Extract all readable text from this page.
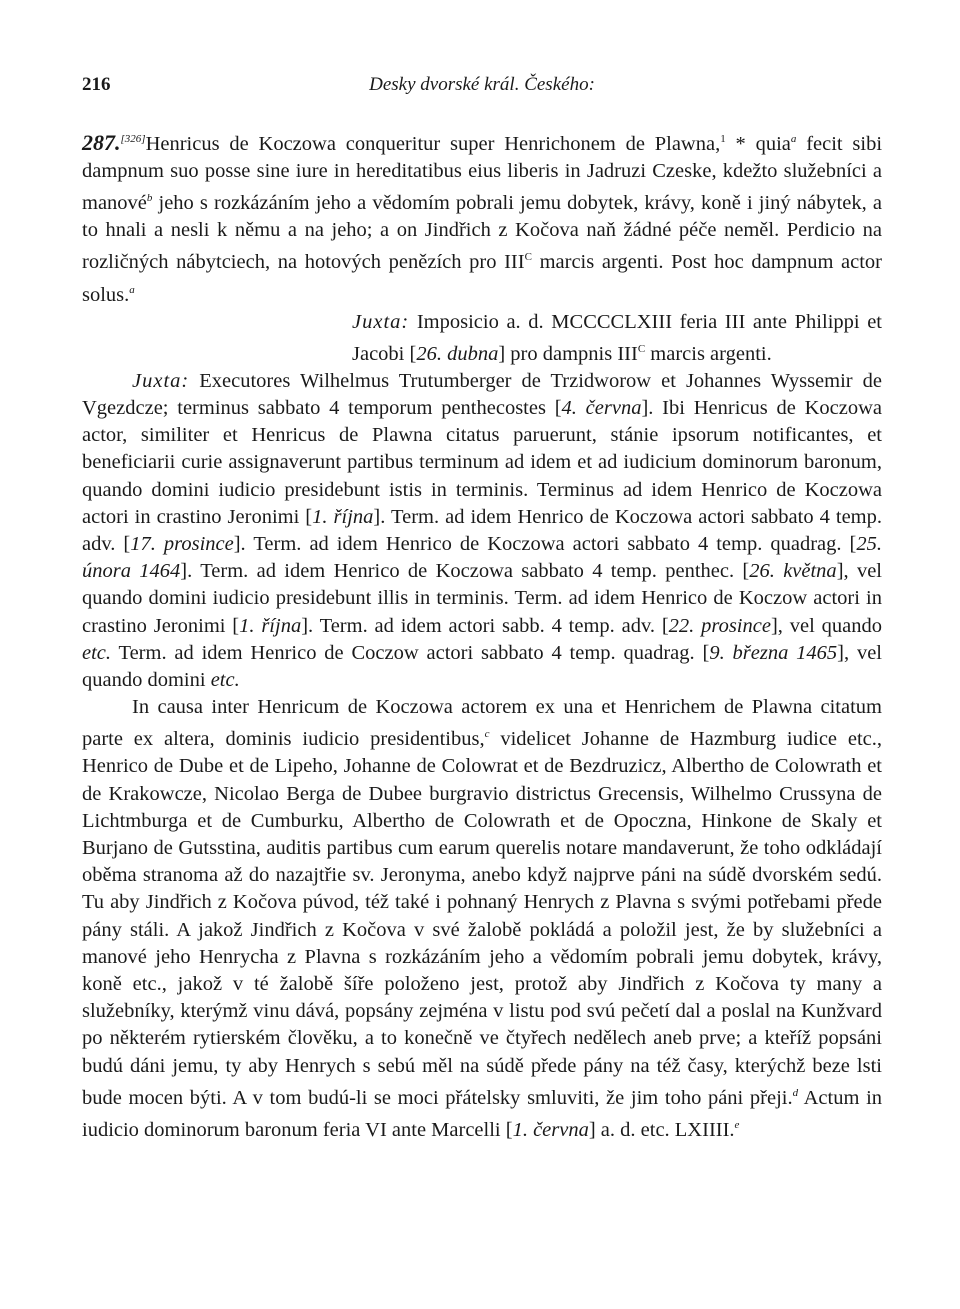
216	Desky dvorské král. Českého:

287.[326]Henricus de Koczowa conqueritur super Henrichonem de Plawna,$^1$ * quia$^a$ fecit sibi dampnum suo posse sine iure in hereditatibus eius liberis in Jadruzi Czeske, kdežto služebníci a manové$^b$ jeho s rozkázáním jeho a vědomím pobrali jemu dobytek, krávy, koně i jiný nábytek, a to hnali a nesli k němu a na jeho; a on Jindřich z Kočova naň žádné péče neměl. Perdicio na rozličných nábytciech, na hotových penězích pro III$^C$ marcis argenti. Post hoc dampnum actor solus.$^a$

Juxta: Imposicio a. d. MCCCCLXIII feria III ante Philippi et Jacobi [26. dubna] pro dampnis III$^C$ marcis argenti.

Juxta: Executores Wilhelmus Trutumberger de Trzidworow et Johannes Wyssemir de Vgezdcze; terminus sabbato 4 temporum penthecostes [4. června]. Ibi Henricus de Koczowa actor, similiter et Henricus de Plawna citatus paruerunt, stánie ipsorum notificantes, et beneficiarii curie assignaverunt partibus terminum ad idem et ad iudicium dominorum baronum, quando domini iudicio presidebunt istis in terminis. Terminus ad idem Henrico de Koczowa actori in crastino Jeronimi [1. října]. Term. ad idem Henrico de Koczowa actori sabbato 4 temp. adv. [17. prosince]. Term. ad idem Henrico de Koczowa actori sabbato 4 temp. quadrag. [25. února 1464]. Term. ad idem Henrico de Koczowa sabbato 4 temp. penthec. [26. května], vel quando domini iudicio presidebunt illis in terminis. Term. ad idem Henrico de Koczow actori in crastino Jeronimi [1. října]. Term. ad idem actori sabb. 4 temp. adv. [22. prosince], vel quando etc. Term. ad idem Henrico de Coczow actori sabbato 4 temp. quadrag. [9. března 1465], vel quando domini etc.

In causa inter Henricum de Koczowa actorem ex una et Henrichem de Plawna citatum parte ex altera, dominis iudicio presidentibus,$^c$ videlicet Johanne de Hazmburg iudice etc., Henrico de Dube et de Lipeho, Johanne de Colowrat et de Bezdruzicz, Albertho de Colowrath et de Krakowcze, Nicolao Berga de Dubee burgravio districtus Grecensis, Wilhelmo Crussyna de Lichtmburga et de Cumburku, Albertho de Colowrath et de Opoczna, Hinkone de Skaly et Burjano de Gutsstina, auditis partibus cum earum querelis notare mandaverunt, že toho odkládají oběma stranoma až do nazajtřie sv. Jeronyma, anebo když najprve páni na súdě dvorském sedú. Tu aby Jindřich z Kočova púvod, též také i pohnaný Henrych z Plavna s svými potřebami přede pány stáli. A jakož Jindřich z Kočova v své žalobě pokládá a položil jest, že by služebníci a manové jeho Henrycha z Plavna s rozkázáním jeho a vědomím pobrali jemu dobytek, krávy, koně etc., jakož v té žalobě šíře položeno jest, protož aby Jindřich z Kočova ty many a služebníky, kterýmž vinu dává, popsány zejména v listu pod svú pečetí dal a poslal na Kunžvard po některém rytierském člověku, a to konečně ve čtyřech nedělech aneb prve; a kteříž popsáni budú dáni jemu, ty aby Henrych s sebú měl na súdě přede pány na též časy, kterýchž beze lsti bude mocen býti. A v tom budú-li se moci přátelsky smluviti, že jim toho páni přeji.$^d$ Actum in iudicio dominorum baronum feria VI ante Marcelli [1. června] a. d. etc. LXIIII.$^e$
